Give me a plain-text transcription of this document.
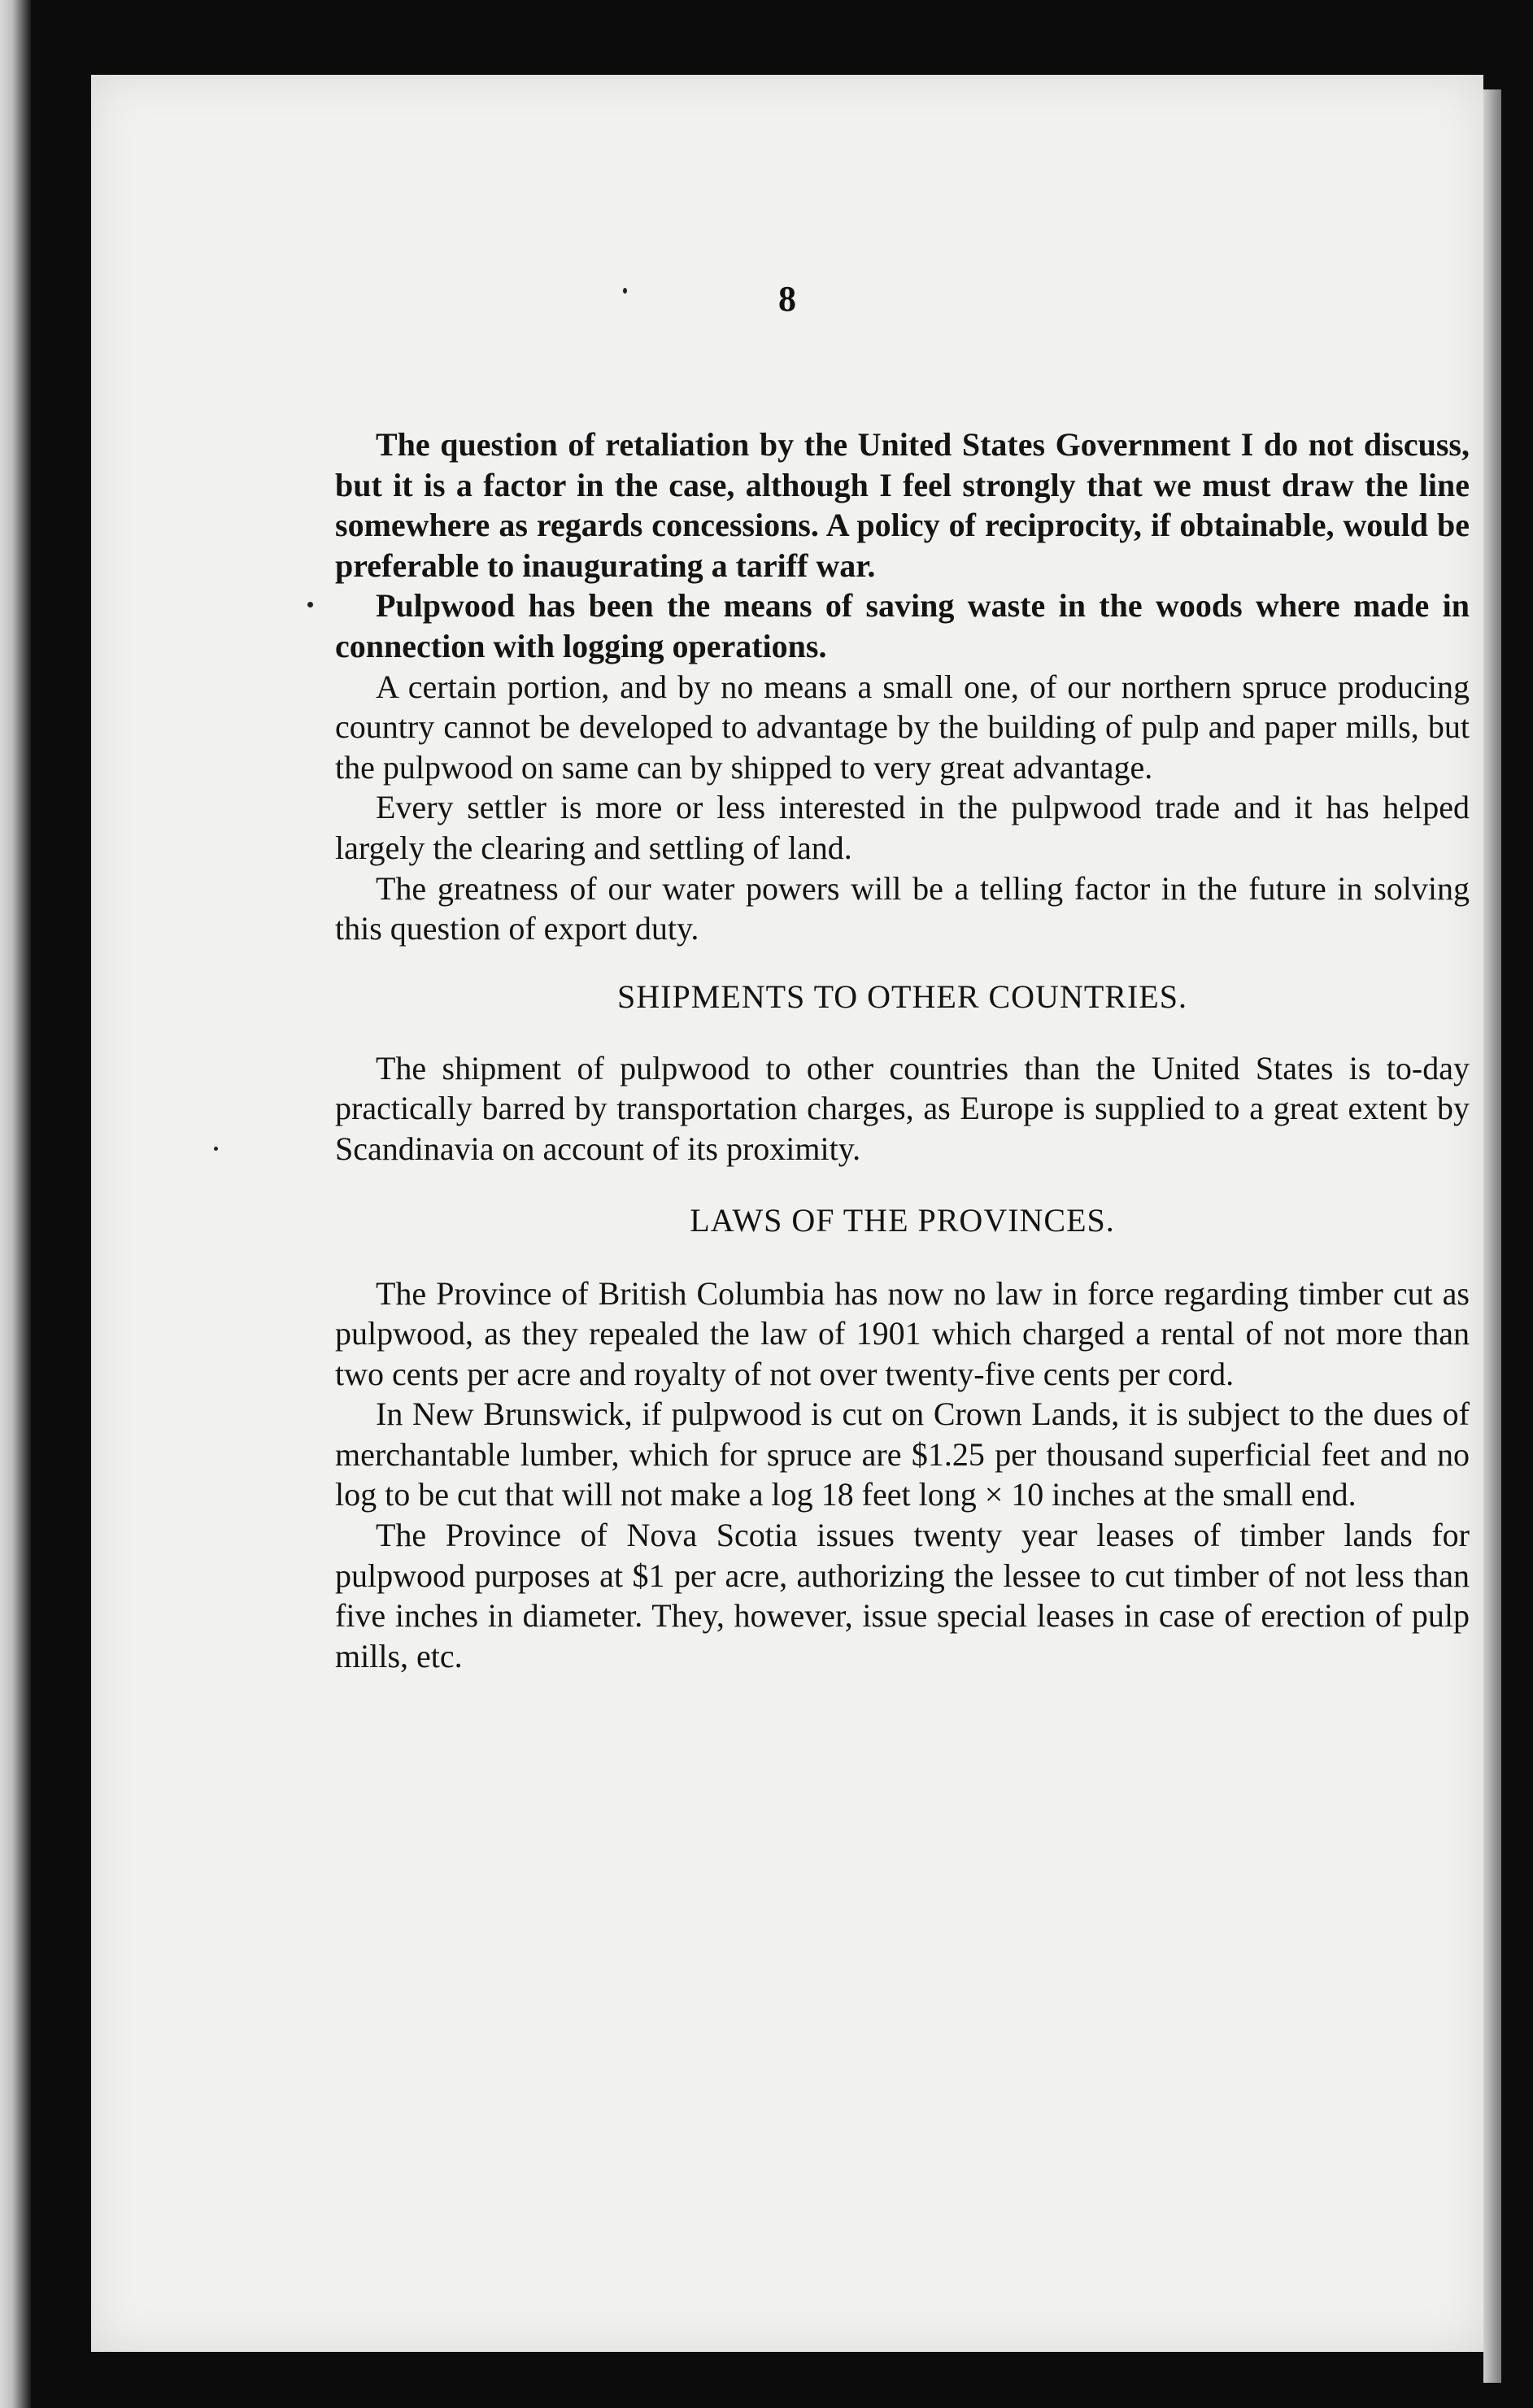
8

The question of retaliation by the United States Government I do not discuss, but it is a factor in the case, although I feel strongly that we must draw the line somewhere as regards concessions. A policy of reciprocity, if obtainable, would be preferable to inaugurating a tariff war.

Pulpwood has been the means of saving waste in the woods where made in connection with logging operations.

A certain portion, and by no means a small one, of our northern spruce producing country cannot be developed to advantage by the building of pulp and paper mills, but the pulpwood on same can by shipped to very great advantage.

Every settler is more or less interested in the pulpwood trade and it has helped largely the clearing and settling of land.

The greatness of our water powers will be a telling factor in the future in solving this question of export duty.

SHIPMENTS TO OTHER COUNTRIES.

The shipment of pulpwood to other countries than the United States is to-day practically barred by transportation charges, as Europe is supplied to a great extent by Scandinavia on account of its proximity.

LAWS OF THE PROVINCES.

The Province of British Columbia has now no law in force regarding timber cut as pulpwood, as they repealed the law of 1901 which charged a rental of not more than two cents per acre and royalty of not over twenty-five cents per cord.

In New Brunswick, if pulpwood is cut on Crown Lands, it is subject to the dues of merchantable lumber, which for spruce are $1.25 per thousand superficial feet and no log to be cut that will not make a log 18 feet long × 10 inches at the small end.

The Province of Nova Scotia issues twenty year leases of timber lands for pulpwood purposes at $1 per acre, authorizing the lessee to cut timber of not less than five inches in diameter. They, however, issue special leases in case of erection of pulp mills, etc.
